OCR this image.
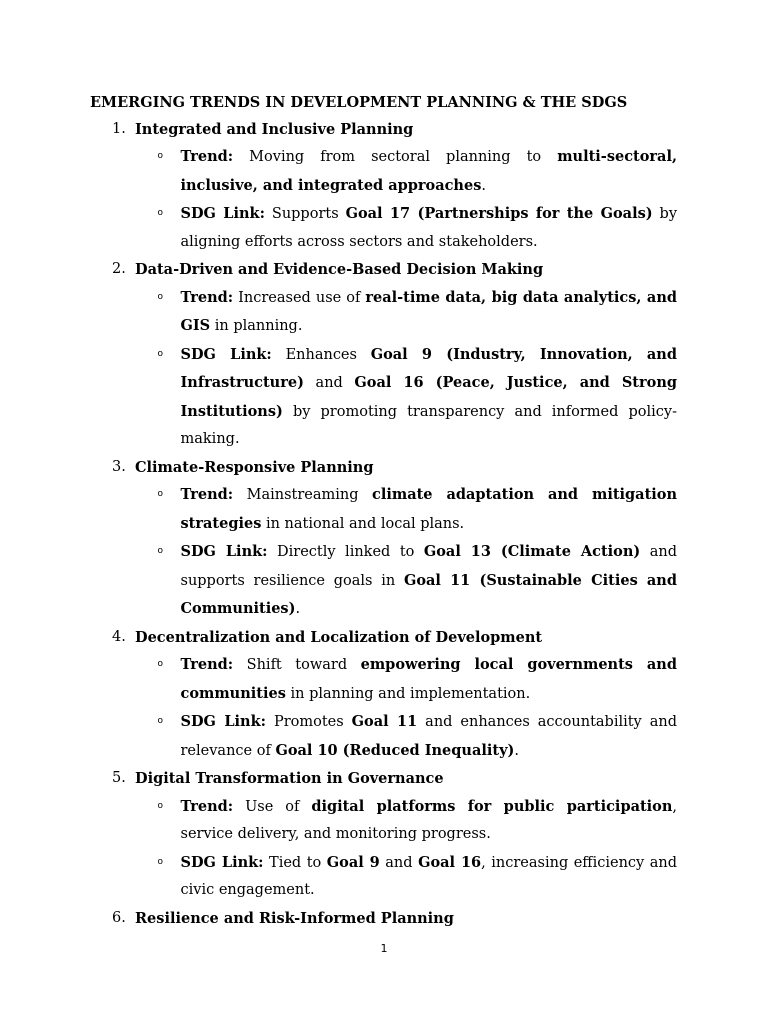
EMERGING TRENDS IN DEVELOPMENT PLANNING & THE SDGS
1. Integrated and Inclusive Planning
o Trend: Moving from sectoral planning to multi-sectoral, inclusive, and integrated approaches.
o SDG Link: Supports Goal 17 (Partnerships for the Goals) by aligning efforts across sectors and stakeholders.
2. Data-Driven and Evidence-Based Decision Making
o Trend: Increased use of real-time data, big data analytics, and GIS in planning.
o SDG Link: Enhances Goal 9 (Industry, Innovation, and Infrastructure) and Goal 16 (Peace, Justice, and Strong Institutions) by promoting transparency and informed policy-making.
3. Climate-Responsive Planning
o Trend: Mainstreaming climate adaptation and mitigation strategies in national and local plans.
o SDG Link: Directly linked to Goal 13 (Climate Action) and supports resilience goals in Goal 11 (Sustainable Cities and Communities).
4. Decentralization and Localization of Development
o Trend: Shift toward empowering local governments and communities in planning and implementation.
o SDG Link: Promotes Goal 11 and enhances accountability and relevance of Goal 10 (Reduced Inequality).
5. Digital Transformation in Governance
o Trend: Use of digital platforms for public participation, service delivery, and monitoring progress.
o SDG Link: Tied to Goal 9 and Goal 16, increasing efficiency and civic engagement.
6. Resilience and Risk-Informed Planning
1
